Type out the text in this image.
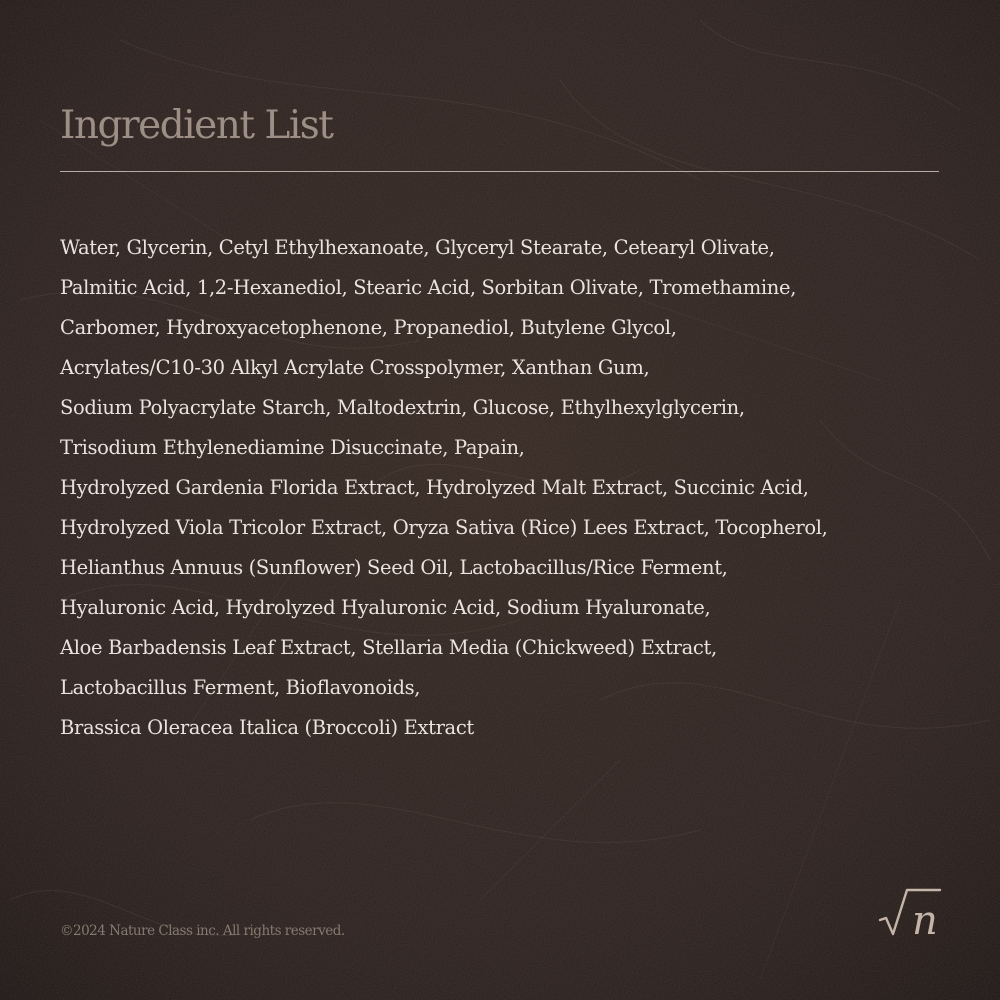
Ingredient List
Water, Glycerin, Cetyl Ethylhexanoate, Glyceryl Stearate, Cetearyl Olivate,
Palmitic Acid, 1,2-Hexanediol, Stearic Acid, Sorbitan Olivate, Tromethamine,
Carbomer, Hydroxyacetophenone, Propanediol, Butylene Glycol,
Acrylates/C10-30 Alkyl Acrylate Crosspolymer, Xanthan Gum,
Sodium Polyacrylate Starch, Maltodextrin, Glucose, Ethylhexylglycerin,
Trisodium Ethylenediamine Disuccinate, Papain,
Hydrolyzed Gardenia Florida Extract, Hydrolyzed Malt Extract, Succinic Acid,
Hydrolyzed Viola Tricolor Extract, Oryza Sativa (Rice) Lees Extract, Tocopherol,
Helianthus Annuus (Sunflower) Seed Oil, Lactobacillus/Rice Ferment,
Hyaluronic Acid, Hydrolyzed Hyaluronic Acid, Sodium Hyaluronate,
Aloe Barbadensis Leaf Extract, Stellaria Media (Chickweed) Extract,
Lactobacillus Ferment, Bioflavonoids,
Brassica Oleracea Italica (Broccoli) Extract
©2024 Nature Class inc. All rights reserved.	n
